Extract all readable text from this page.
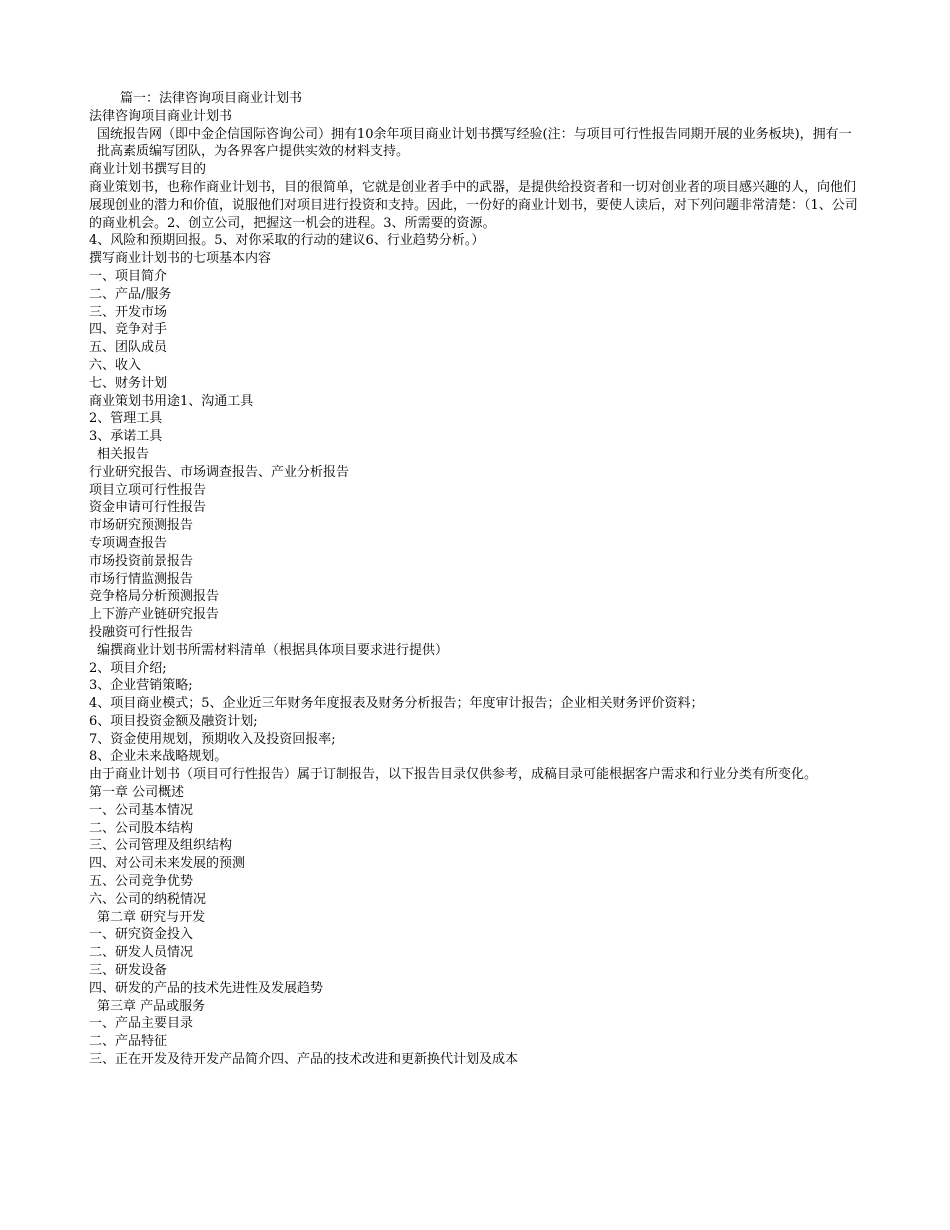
篇一：法律咨询项目商业计划书

法律咨询项目商业计划书

国统报告网（即中金企信国际咨询公司）拥有10余年项目商业计划书撰写经验(注：与项目可行性报告同期开展的业务板块)，拥有一批高素质编写团队，为各界客户提供实效的材料支持。

商业计划书撰写目的

商业策划书，也称作商业计划书，目的很简单，它就是创业者手中的武器，是提供给投资者和一切对创业者的项目感兴趣的人，向他们展现创业的潜力和价值，说服他们对项目进行投资和支持。因此，一份好的商业计划书，要使人读后，对下列问题非常清楚：（1、公司的商业机会。2、创立公司，把握这一机会的进程。3、所需要的资源。

4、风险和预期回报。5、对你采取的行动的建议6、行业趋势分析。）

撰写商业计划书的七项基本内容

一、项目简介

二、产品/服务

三、开发市场

四、竞争对手

五、团队成员

六、收入

七、财务计划

商业策划书用途1、沟通工具

2、管理工具

3、承诺工具

相关报告

行业研究报告、市场调查报告、产业分析报告

项目立项可行性报告

资金申请可行性报告

市场研究预测报告

专项调查报告

市场投资前景报告

市场行情监测报告

竞争格局分析预测报告

上下游产业链研究报告

投融资可行性报告

编撰商业计划书所需材料清单（根据具体项目要求进行提供）

2、项目介绍;

3、企业营销策略;

4、项目商业模式；5、企业近三年财务年度报表及财务分析报告；年度审计报告；企业相关财务评价资料；

6、项目投资金额及融资计划;

7、资金使用规划，预期收入及投资回报率;

8、企业未来战略规划。

由于商业计划书（项目可行性报告）属于订制报告，以下报告目录仅供参考，成稿目录可能根据客户需求和行业分类有所变化。

第一章 公司概述

一、公司基本情况

二、公司股本结构

三、公司管理及组织结构

四、对公司未来发展的预测

五、公司竞争优势

六、公司的纳税情况

第二章 研究与开发

一、研究资金投入

二、研发人员情况

三、研发设备

四、研发的产品的技术先进性及发展趋势

第三章 产品或服务

一、产品主要目录

二、产品特征

三、正在开发及待开发产品简介四、产品的技术改进和更新换代计划及成本
